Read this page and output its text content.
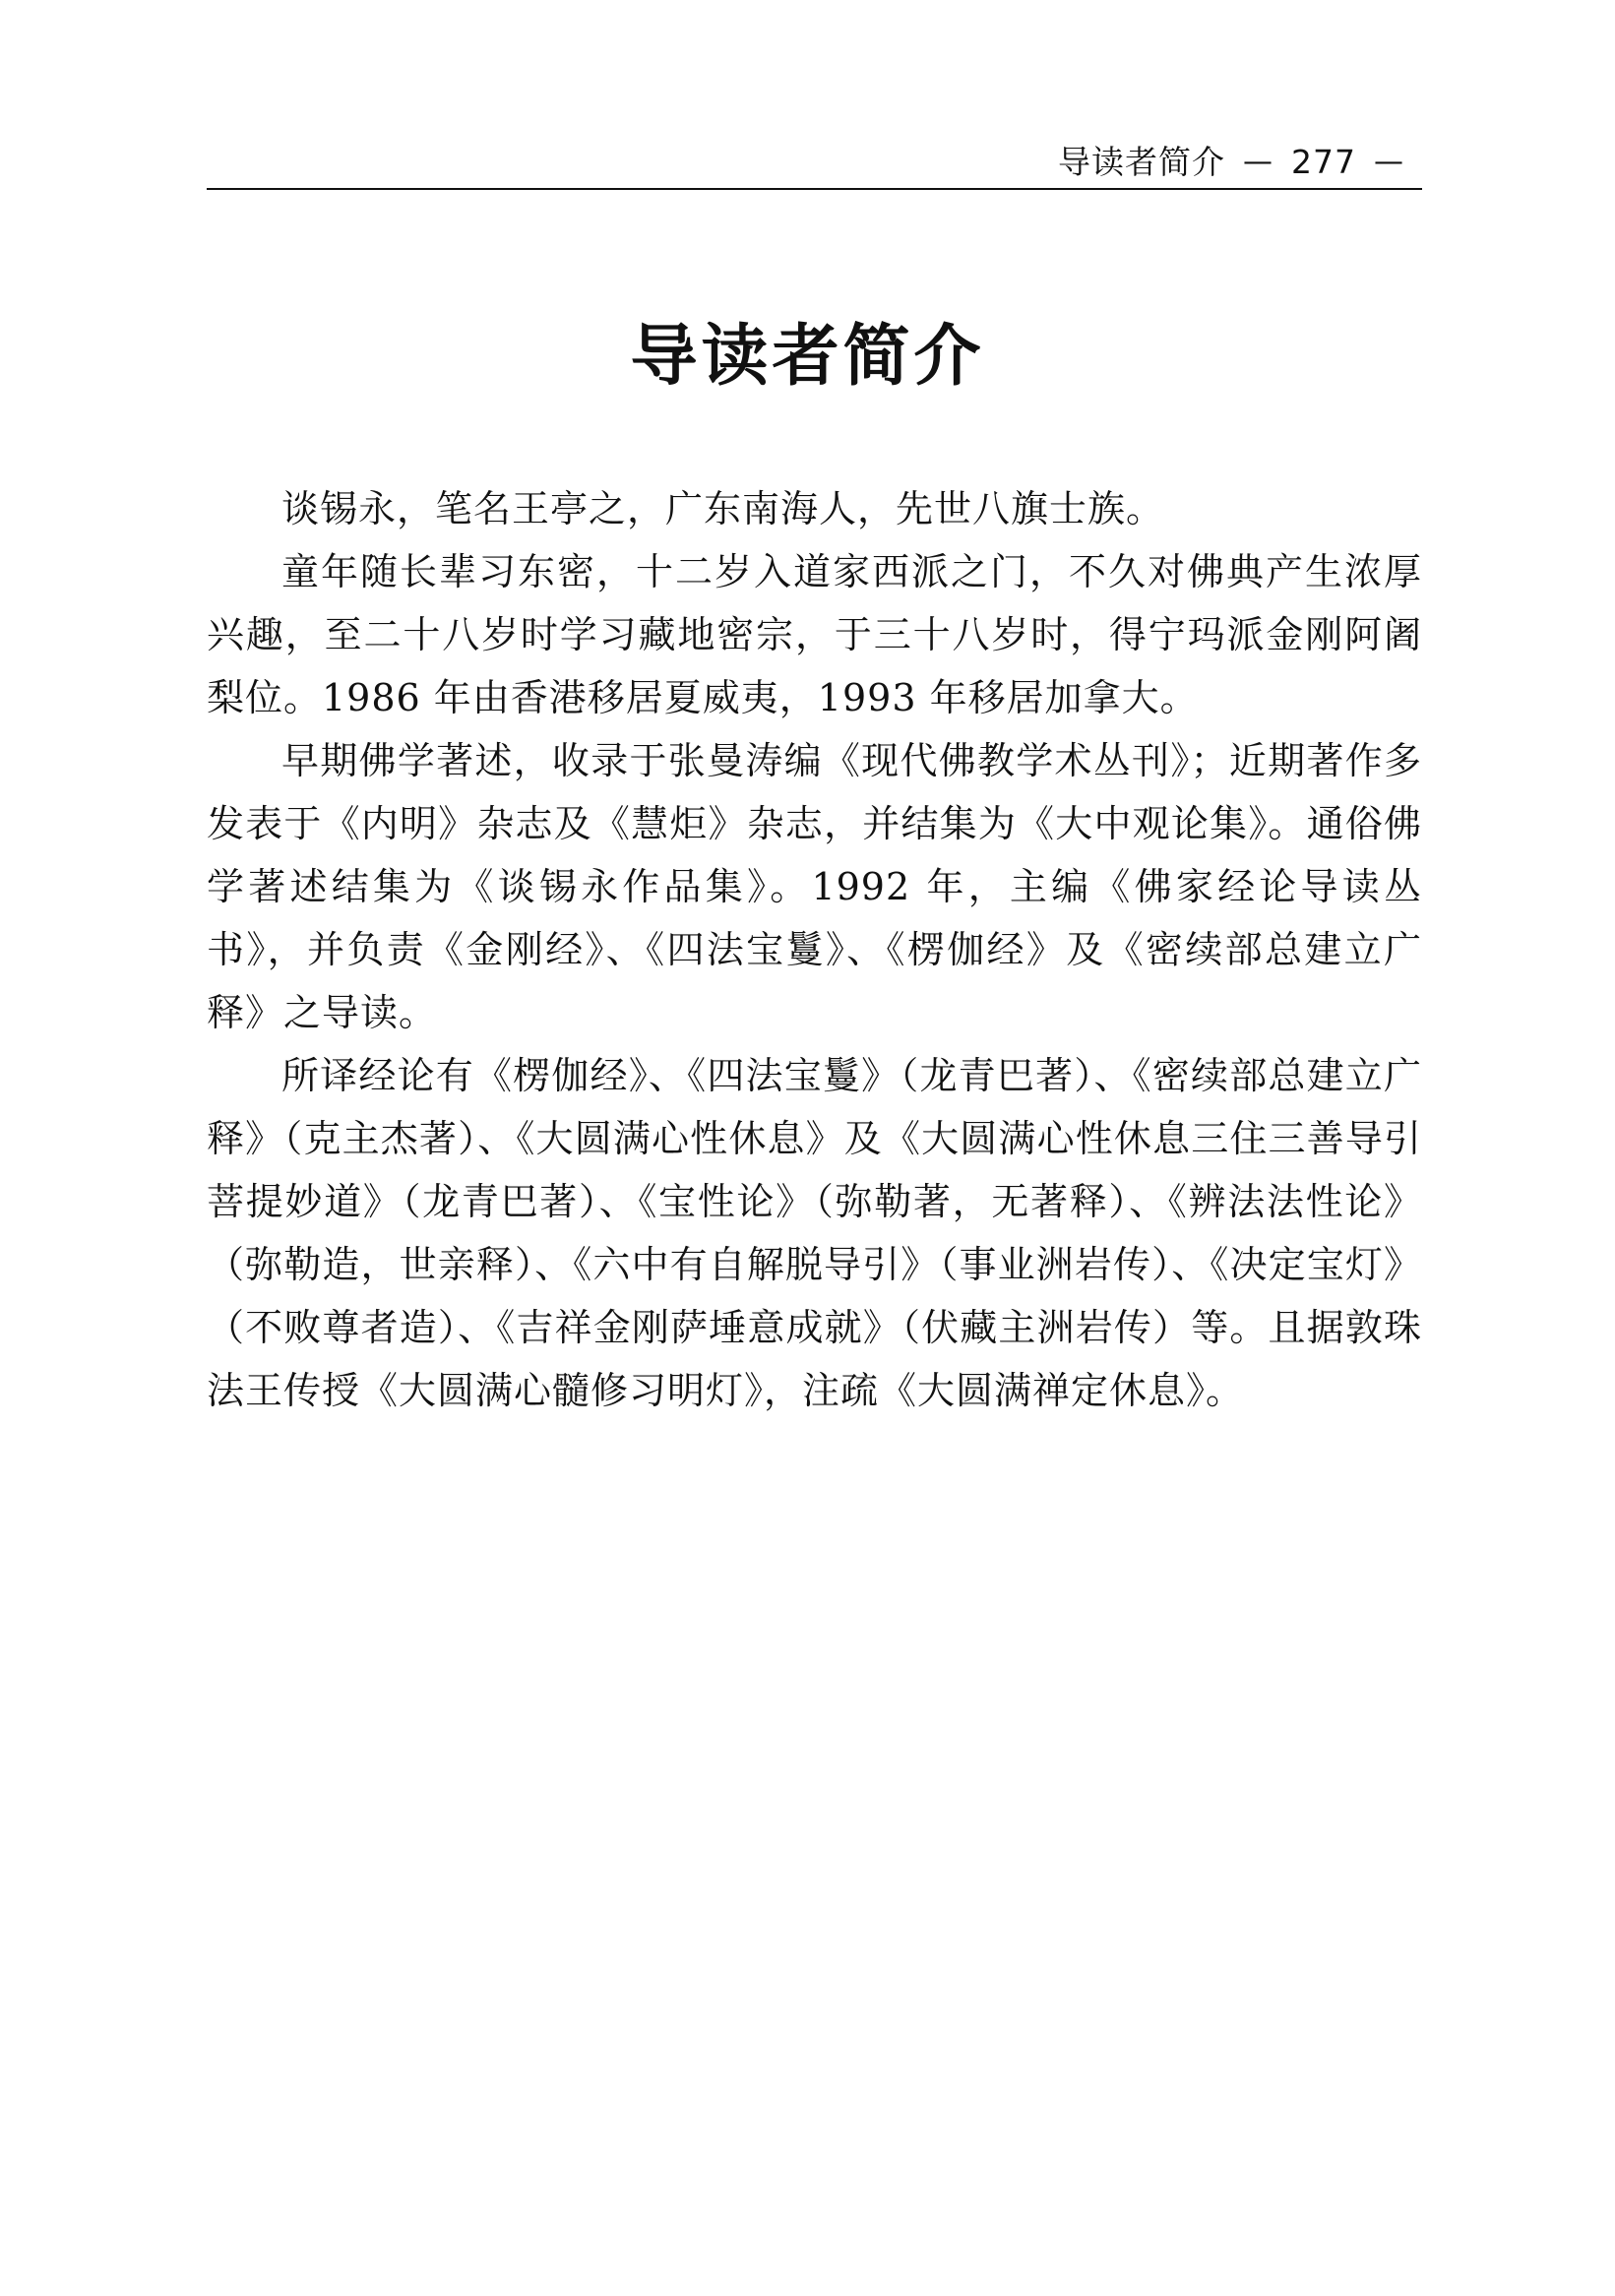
导读者简介 — 277 —
导读者简介

谈锡永，笔名王亭之，广东南海人，先世八旗士族。

童年随长辈习东密，十二岁入道家西派之门，不久对佛典产生浓厚兴趣，至二十八岁时学习藏地密宗，于三十八岁时，得宁玛派金刚阿阇梨位。1986 年由香港移居夏威夷，1993 年移居加拿大。

早期佛学著述，收录于张曼涛编《现代佛教学术丛刊》；近期著作多发表于《内明》杂志及《慧炬》杂志，并结集为《大中观论集》。通俗佛学著述结集为《谈锡永作品集》。1992 年，主编《佛家经论导读丛书》，并负责《金刚经》、《四法宝鬘》、《楞伽经》及《密续部总建立广释》之导读。

所译经论有《楞伽经》、《四法宝鬘》（龙青巴著）、《密续部总建立广释》（克主杰著）、《大圆满心性休息》及《大圆满心性休息三住三善导引菩提妙道》（龙青巴著）、《宝性论》（弥勒著，无著释）、《辨法法性论》（弥勒造，世亲释）、《六中有自解脱导引》（事业洲岩传）、《决定宝灯》（不败尊者造）、《吉祥金刚萨埵意成就》（伏藏主洲岩传）等。且据敦珠法王传授《大圆满心髓修习明灯》，注疏《大圆满禅定休息》。
